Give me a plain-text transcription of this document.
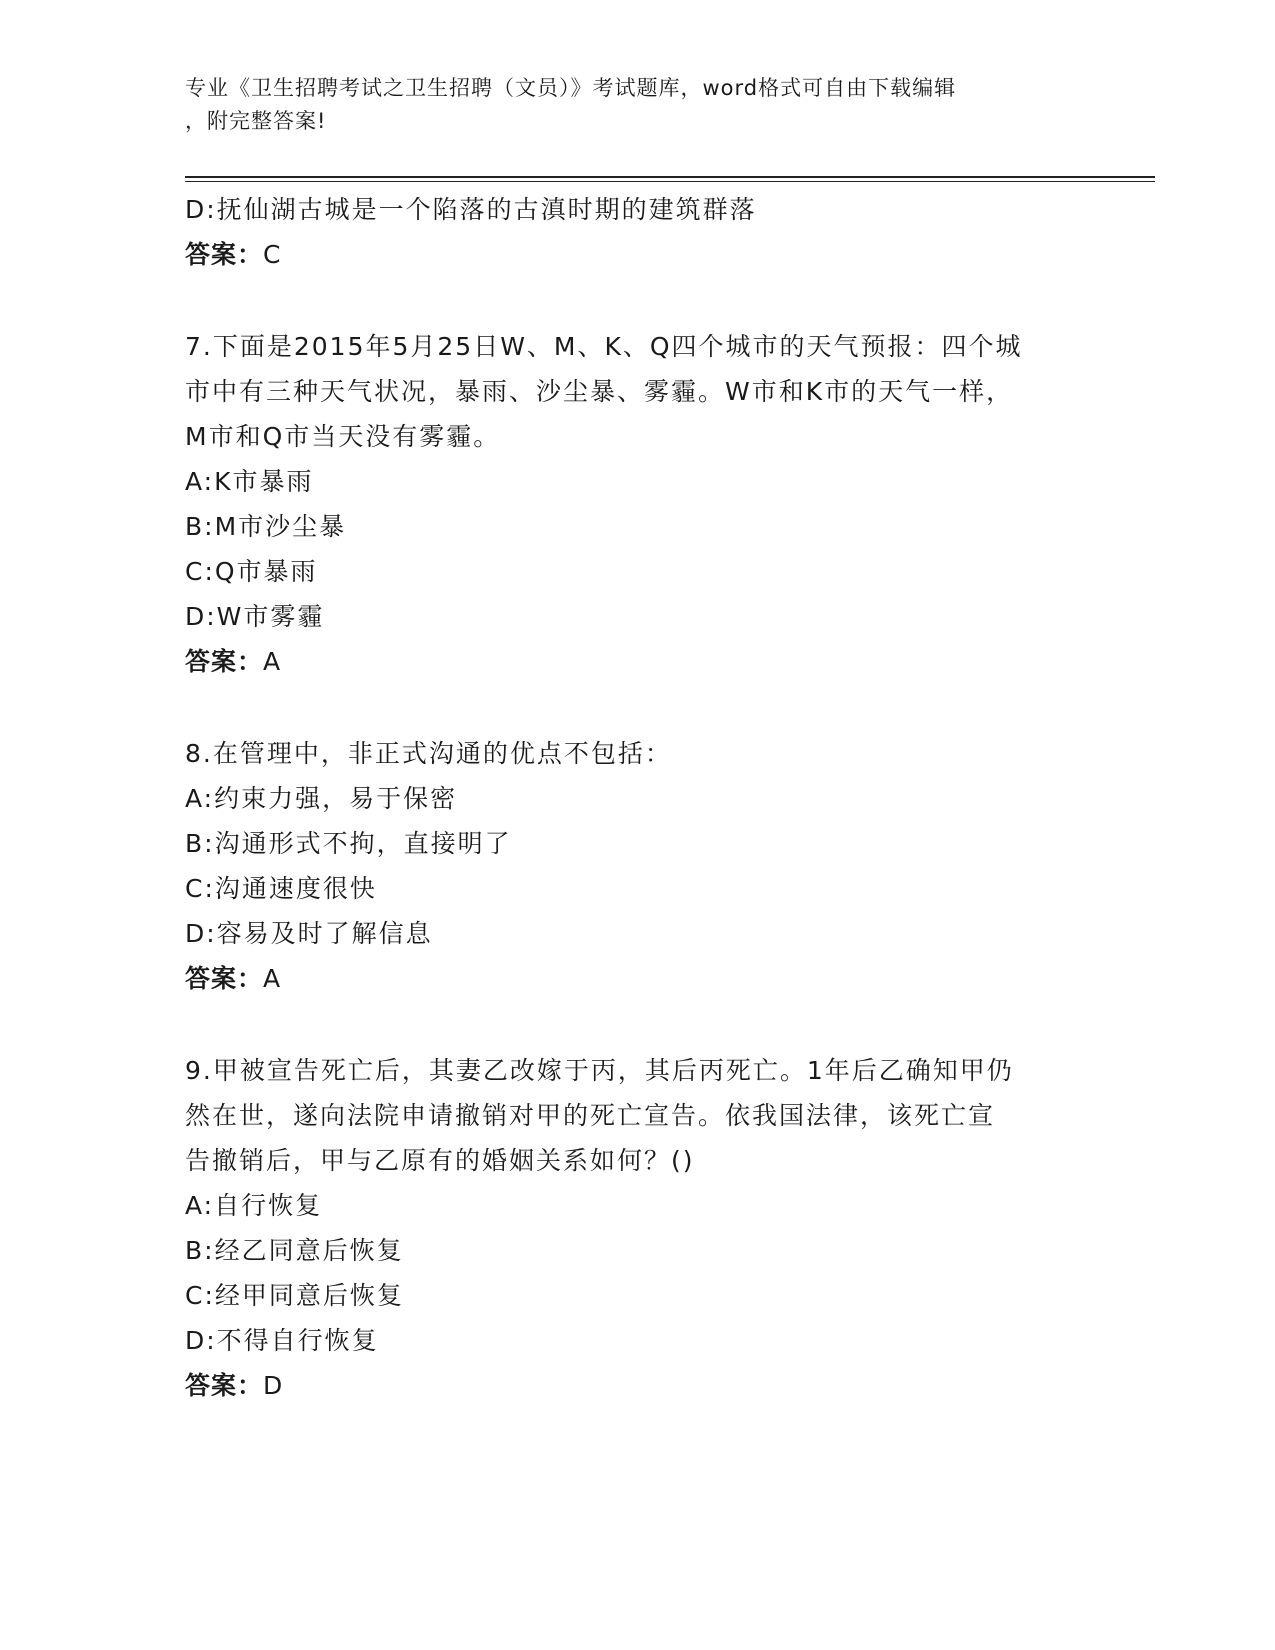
专业《卫生招聘考试之卫生招聘（文员）》考试题库，word格式可自由下载编辑
，附完整答案!
D:抚仙湖古城是一个陷落的古滇时期的建筑群落
答案：C
7.下面是2015年5月25日W、M、K、Q四个城市的天气预报：四个城
市中有三种天气状况，暴雨、沙尘暴、雾霾。W市和K市的天气一样，
M市和Q市当天没有雾霾。
A:K市暴雨
B:M市沙尘暴
C:Q市暴雨
D:W市雾霾
答案：A
8.在管理中，非正式沟通的优点不包括：
A:约束力强，易于保密
B:沟通形式不拘，直接明了
C:沟通速度很快
D:容易及时了解信息
答案：A
9.甲被宣告死亡后，其妻乙改嫁于丙，其后丙死亡。1年后乙确知甲仍
然在世，遂向法院申请撤销对甲的死亡宣告。依我国法律，该死亡宣
告撤销后，甲与乙原有的婚姻关系如何？()
A:自行恢复
B:经乙同意后恢复
C:经甲同意后恢复
D:不得自行恢复
答案：D
